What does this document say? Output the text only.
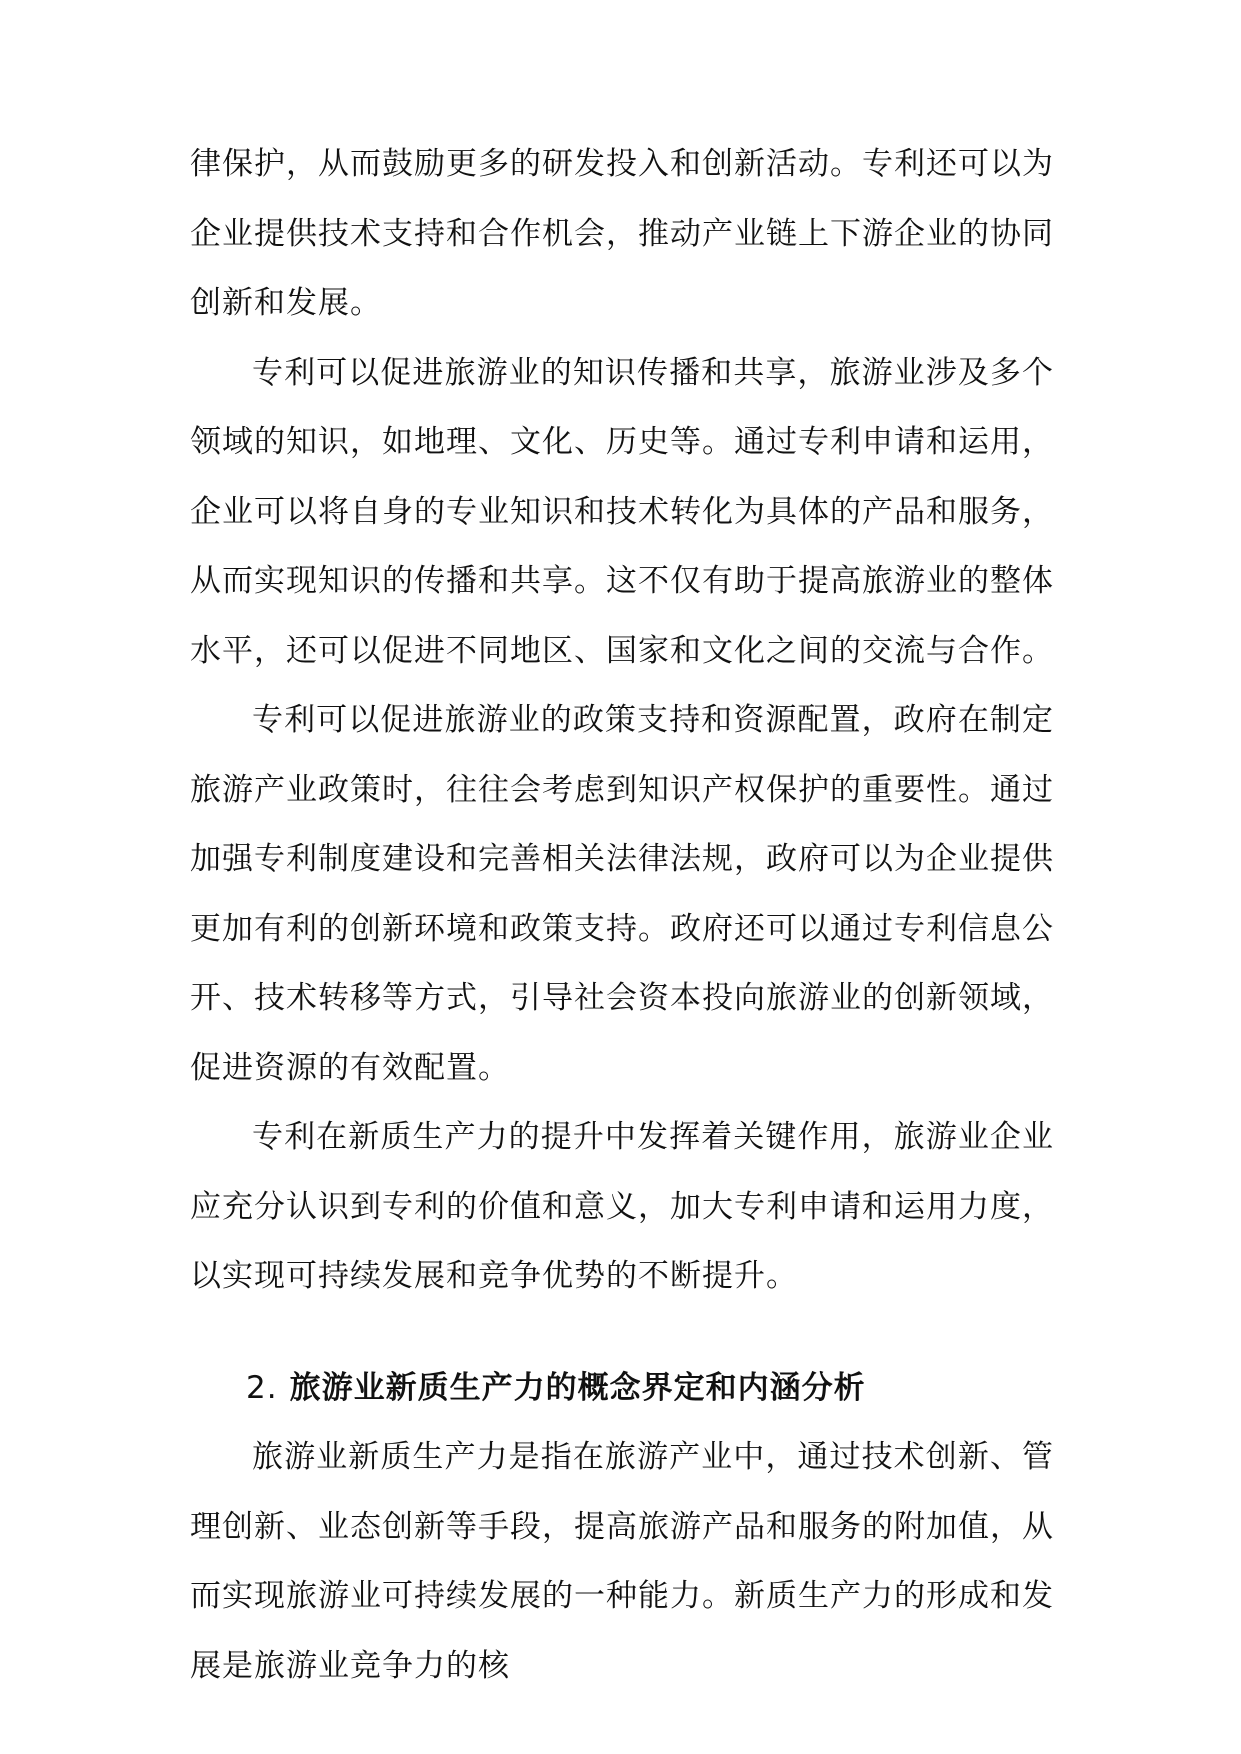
律保护，从而鼓励更多的研发投入和创新活动。专利还可以为企业提供技术支持和合作机会，推动产业链上下游企业的协同创新和发展。

专利可以促进旅游业的知识传播和共享，旅游业涉及多个领域的知识，如地理、文化、历史等。通过专利申请和运用，企业可以将自身的专业知识和技术转化为具体的产品和服务，从而实现知识的传播和共享。这不仅有助于提高旅游业的整体水平，还可以促进不同地区、国家和文化之间的交流与合作。

专利可以促进旅游业的政策支持和资源配置，政府在制定旅游产业政策时，往往会考虑到知识产权保护的重要性。通过加强专利制度建设和完善相关法律法规，政府可以为企业提供更加有利的创新环境和政策支持。政府还可以通过专利信息公开、技术转移等方式，引导社会资本投向旅游业的创新领域，促进资源的有效配置。

专利在新质生产力的提升中发挥着关键作用，旅游业企业应充分认识到专利的价值和意义，加大专利申请和运用力度，以实现可持续发展和竞争优势的不断提升。

2. 旅游业新质生产力的概念界定和内涵分析

旅游业新质生产力是指在旅游产业中，通过技术创新、管理创新、业态创新等手段，提高旅游产品和服务的附加值，从而实现旅游业可持续发展的一种能力。新质生产力的形成和发展是旅游业竞争力的核
